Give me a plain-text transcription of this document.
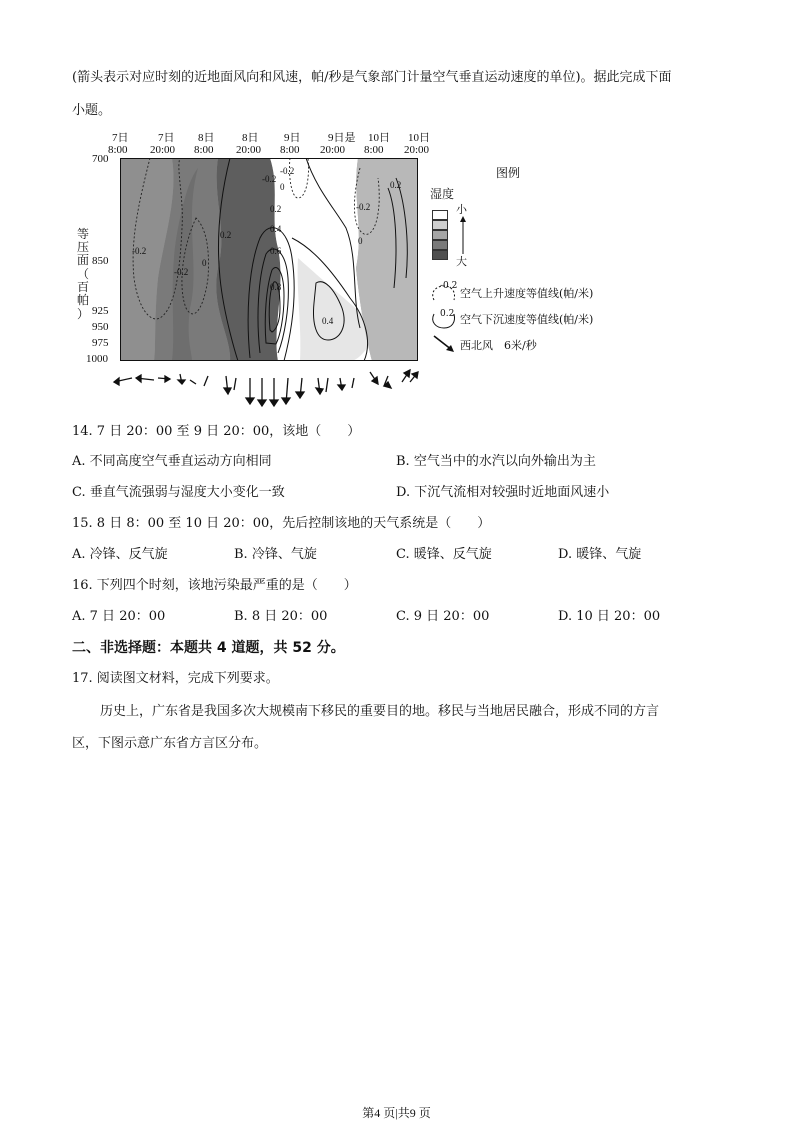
(箭头表示对应时刻的近地面风向和风速，帕/秒是气象部门计量空气垂直运动速度的单位)。据此完成下面
小题。
7日
8:00
7日
20:00
8日
8:00
8日
20:00
9日
8:00
9日是
20:00
10日
8:00
10日
20:00
等
压
面
（
百
帕
）
700
850
925
950
975
1000
-0.2
-0.2
0.2
0
-0.2
0.2
0.4
0.6
0.8
0.4
0
-0.2
0.2
0
-0.2	图例
湿度
小
大
-0.2
空气上升速度等值线(帕/米)
0.2 空气下沉速度等值线(帕/米)
西北风　6米/秒
14. 7 日 20：00 至 9 日 20：00，该地（　　）
A. 不同高度空气垂直运动方向相同	B. 空气当中的水汽以向外输出为主
C. 垂直气流强弱与湿度大小变化一致	D. 下沉气流相对较强时近地面风速小
15. 8 日 8：00 至 10 日 20：00，先后控制该地的天气系统是（　　）
A. 冷锋、反气旋	B. 冷锋、气旋	C. 暖锋、反气旋	D. 暖锋、气旋
16. 下列四个时刻，该地污染最严重的是（　　）
A. 7 日 20：00	B. 8 日 20：00	C. 9 日 20：00	D. 10 日 20：00
二、非选择题：本题共 4 道题，共 52 分。
17. 阅读图文材料，完成下列要求。
历史上，广东省是我国多次大规模南下移民的重要目的地。移民与当地居民融合，形成不同的方言
区，下图示意广东省方言区分布。
第4 页|共9 页
